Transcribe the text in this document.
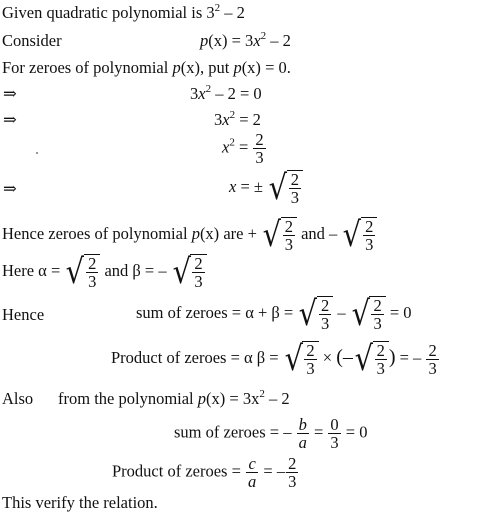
Given quadratic polynomial is $3^2 - 2$
Consider	$p(x) = 3x^2 - 2$
For zeroes of polynomial p(x), put p(x) = 0.
⇒	$3x^2 - 2 = 0$
⇒	$3x^2 = 2$
$x^2 = \frac{2}{3}$
⇒	x = ± √ $\frac{2}{3}$
Hence zeroes of polynomial p(x) are + √ $\frac{2}{3}$ and – √ $\frac{2}{3}$
Here α = √ $\frac{2}{3}$ and β = – √ $\frac{2}{3}$
Hence	sum of zeroes = α + β = √ $\frac{2}{3}$ – √ $\frac{2}{3} = 0$
Product of zeroes = α β = √ $\frac{2}{3}$ × (– √ $\frac{2}{3}$ ) = – $\frac{2}{3}$
Also from the polynomial $p(x) = 3x^2 - 2$
sum of zeroes = – $\frac{b}{a} = \frac{0}{3} = 0$
Product of zeroes = $\frac{c}{a}$ = – $\frac{2}{3}$
This verify the relation.
